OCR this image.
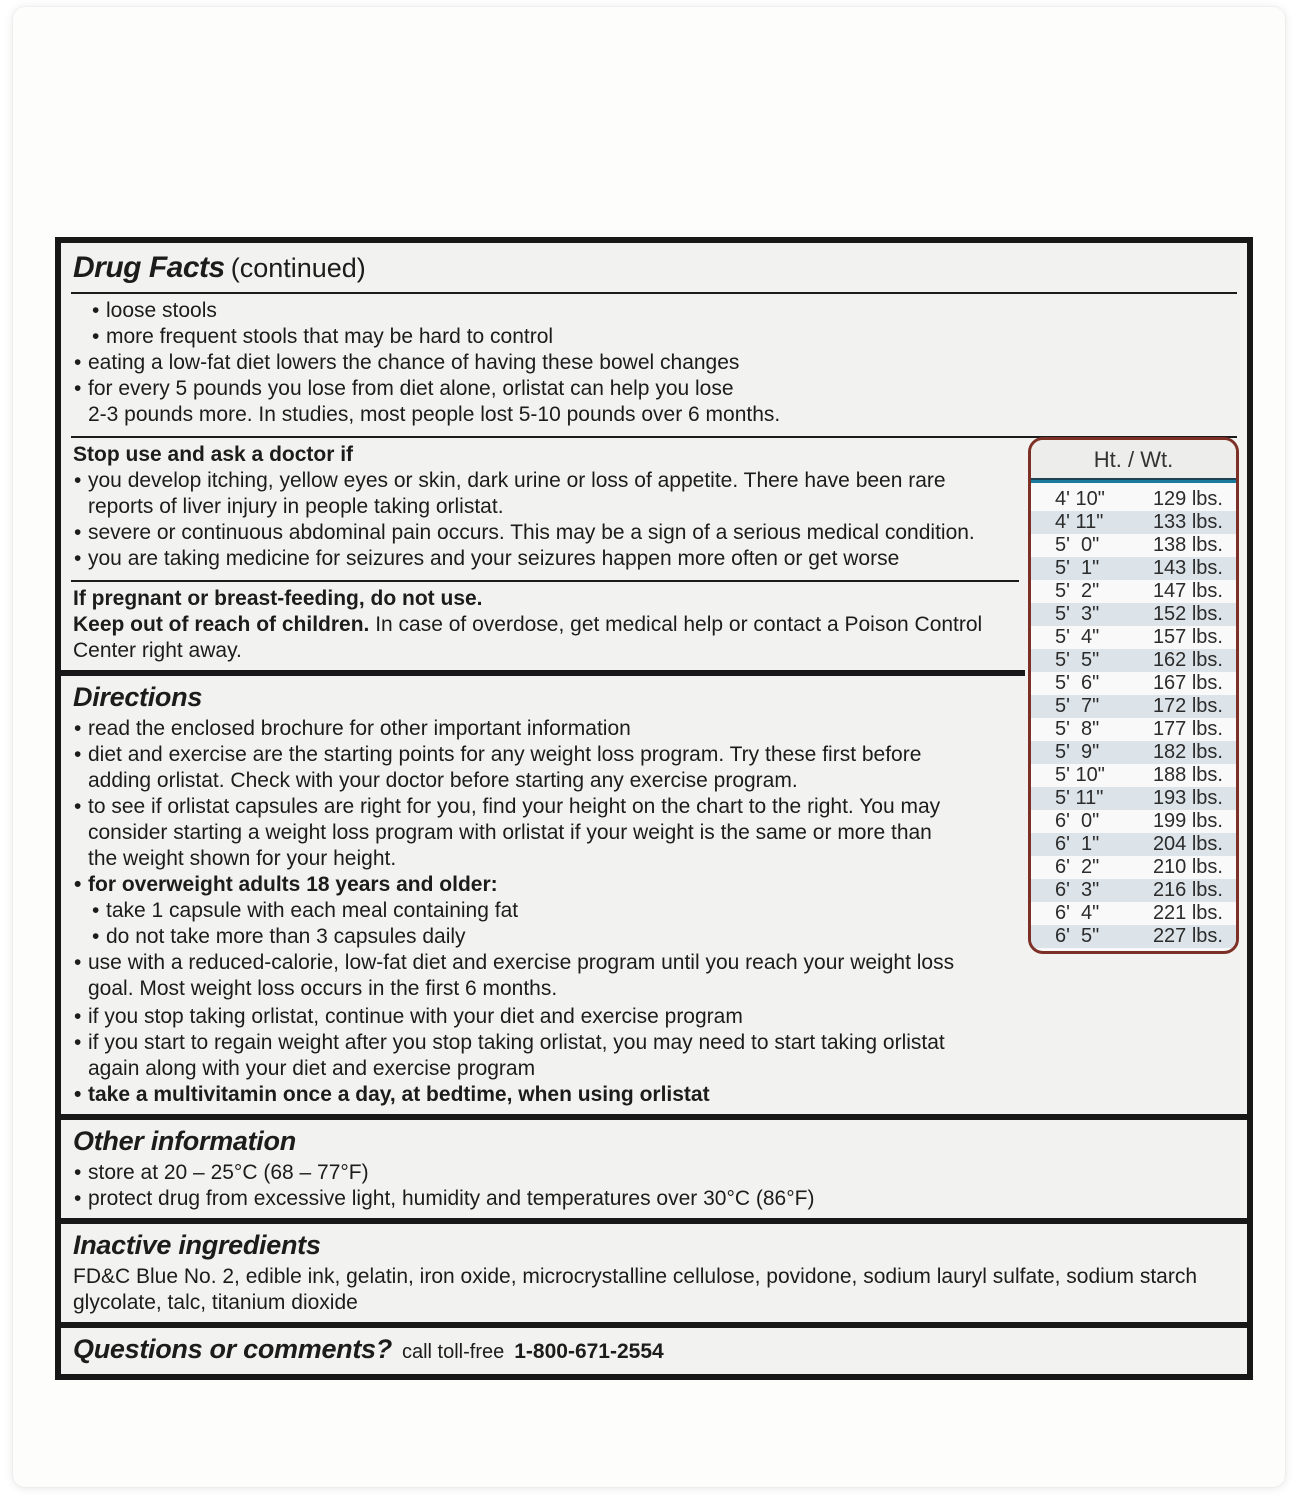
Drug Facts (continued)
• loose stools
• more frequent stools that may be hard to control
• eating a low-fat diet lowers the chance of having these bowel changes
• for every 5 pounds you lose from diet alone, orlistat can help you lose
2-3 pounds more. In studies, most people lost 5-10 pounds over 6 months.
Stop use and ask a doctor if
• you develop itching, yellow eyes or skin, dark urine or loss of appetite. There have been rare
reports of liver injury in people taking orlistat.
• severe or continuous abdominal pain occurs. This may be a sign of a serious medical condition.
• you are taking medicine for seizures and your seizures happen more often or get worse
If pregnant or breast-feeding, do not use.
Keep out of reach of children. In case of overdose, get medical help or contact a Poison Control Center right away.
Directions
• read the enclosed brochure for other important information
• diet and exercise are the starting points for any weight loss program. Try these first before
adding orlistat. Check with your doctor before starting any exercise program.
• to see if orlistat capsules are right for you, find your height on the chart to the right. You may
consider starting a weight loss program with orlistat if your weight is the same or more than
the weight shown for your height.
• for overweight adults 18 years and older:
• take 1 capsule with each meal containing fat
• do not take more than 3 capsules daily
• use with a reduced-calorie, low-fat diet and exercise program until you reach your weight loss
goal. Most weight loss occurs in the first 6 months.
• if you stop taking orlistat, continue with your diet and exercise program
• if you start to regain weight after you stop taking orlistat, you may need to start taking orlistat
again along with your diet and exercise program
• take a multivitamin once a day, at bedtime, when using orlistat
Other information
• store at 20 – 25°C (68 – 77°F)
• protect drug from excessive light, humidity and temperatures over 30°C (86°F)
Inactive ingredients
FD&C Blue No. 2, edible ink, gelatin, iron oxide, microcrystalline cellulose, povidone, sodium lauryl sulfate, sodium starch glycolate, talc, titanium dioxide
Questions or comments? call toll-free 1-800-671-2554
Ht. / Wt.
4' 10"	129 lbs.
4' 11"	133 lbs.
5'  0"	138 lbs.
5'  1"	143 lbs.
5'  2"	147 lbs.
5'  3"	152 lbs.
5'  4"	157 lbs.
5'  5"	162 lbs.
5'  6"	167 lbs.
5'  7"	172 lbs.
5'  8"	177 lbs.
5'  9"	182 lbs.
5' 10"	188 lbs.
5' 11"	193 lbs.
6'  0"	199 lbs.
6'  1"	204 lbs.
6'  2"	210 lbs.
6'  3"	216 lbs.
6'  4"	221 lbs.
6'  5"	227 lbs.
